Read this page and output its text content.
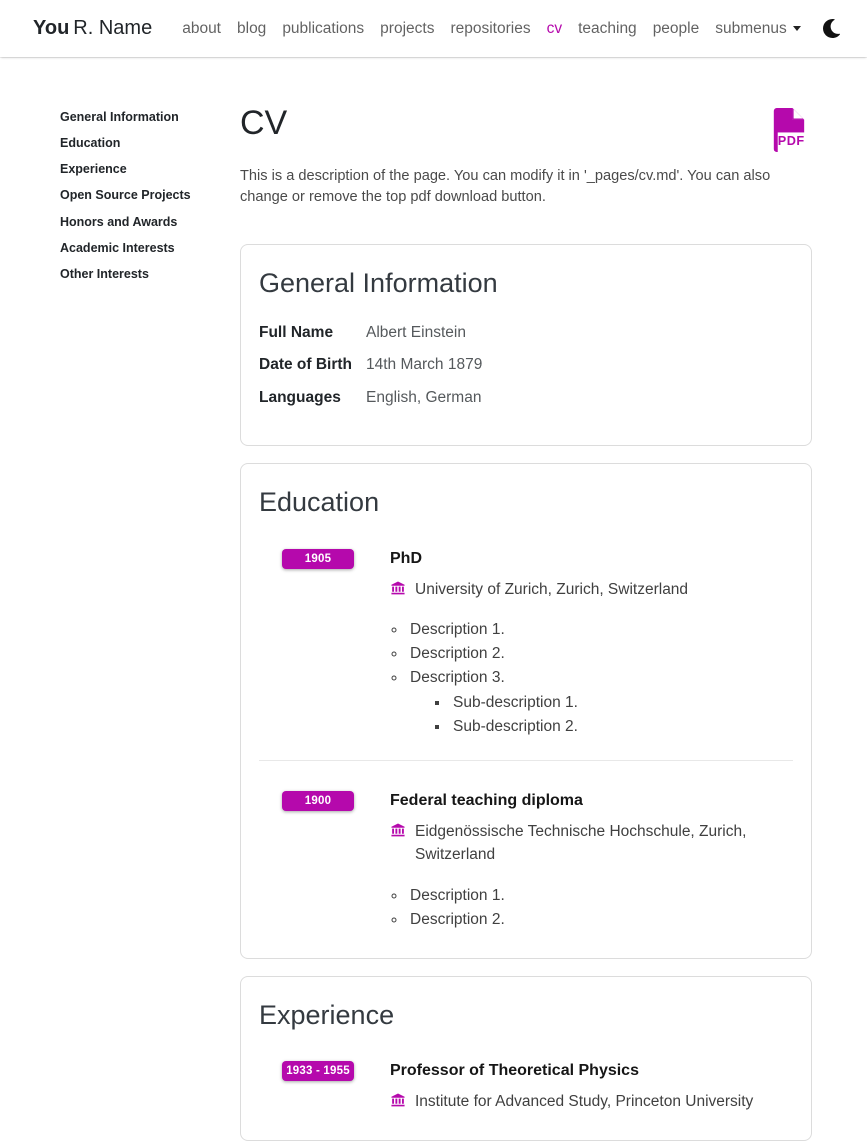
You R. Name	about	blog	publications	projects	repositories	cv	teaching	people	submenus
General Information
Education
Experience
Open Source Projects
Honors and Awards
Academic Interests
Other Interests
CV	PDF

This is a description of the page. You can modify it in '_pages/cv.md'. You can also change or remove the top pdf download button.

General Information
Full Name	Albert Einstein
Date of Birth 14th March 1879
Languages	English, German
Education
1905	PhD
University of Zurich, Zurich, Switzerland
◦ Description 1.
◦ Description 2.
◦ Description 3.
▪ Sub-description 1.
▪ Sub-description 2.
1900	Federal teaching diploma
Eidgenössische Technische Hochschule, Zurich, Switzerland
◦ Description 1.
◦ Description 2.
Experience
1933 - 1955	Professor of Theoretical Physics
Institute for Advanced Study, Princeton University
